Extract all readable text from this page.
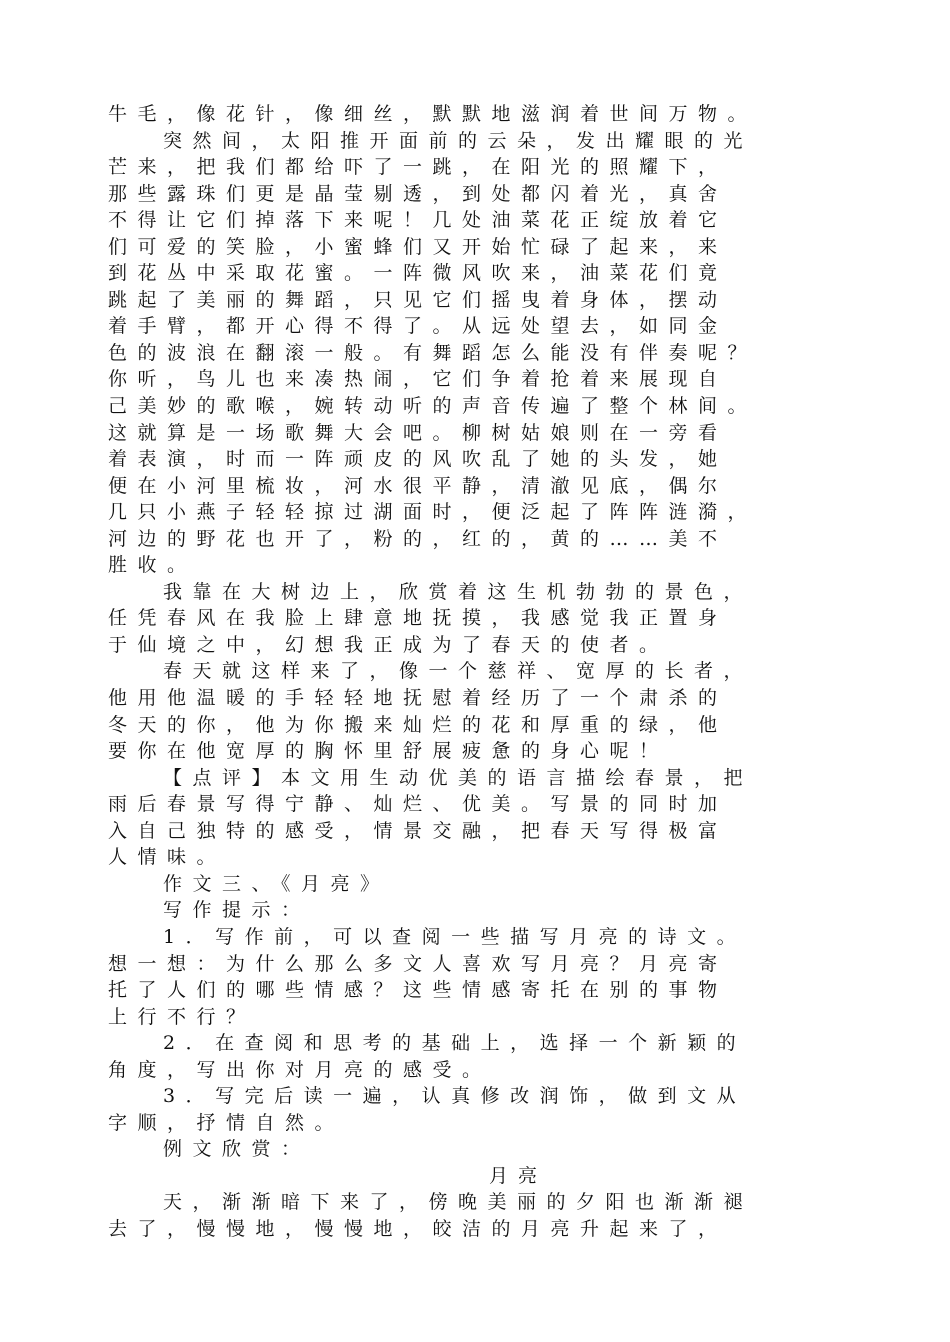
牛毛，像花针，像细丝，默默地滋润着世间万物。
突然间，太阳推开面前的云朵，发出耀眼的光
芒来，把我们都给吓了一跳，在阳光的照耀下，
那些露珠们更是晶莹剔透，到处都闪着光，真舍
不得让它们掉落下来呢！几处油菜花正绽放着它
们可爱的笑脸，小蜜蜂们又开始忙碌了起来，来
到花丛中采取花蜜。一阵微风吹来，油菜花们竟
跳起了美丽的舞蹈，只见它们摇曳着身体，摆动
着手臂，都开心得不得了。从远处望去，如同金
色的波浪在翻滚一般。有舞蹈怎么能没有伴奏呢？
你听，鸟儿也来凑热闹，它们争着抢着来展现自
己美妙的歌喉，婉转动听的声音传遍了整个林间。
这就算是一场歌舞大会吧。柳树姑娘则在一旁看
着表演，时而一阵顽皮的风吹乱了她的头发，她
便在小河里梳妆，河水很平静，清澈见底，偶尔
几只小燕子轻轻掠过湖面时，便泛起了阵阵涟漪，
河边的野花也开了，粉的，红的，黄的……美不
胜收。
我靠在大树边上，欣赏着这生机勃勃的景色，
任凭春风在我脸上肆意地抚摸，我感觉我正置身
于仙境之中，幻想我正成为了春天的使者。
春天就这样来了，像一个慈祥、宽厚的长者，
他用他温暖的手轻轻地抚慰着经历了一个肃杀的
冬天的你，他为你搬来灿烂的花和厚重的绿，他
要你在他宽厚的胸怀里舒展疲惫的身心呢！
【点评】本文用生动优美的语言描绘春景，把
雨后春景写得宁静、灿烂、优美。写景的同时加
入自己独特的感受，情景交融，把春天写得极富
人情味。
作文三、《月亮》
写作提示：
1．写作前，可以查阅一些描写月亮的诗文。
想一想：为什么那么多文人喜欢写月亮？月亮寄
托了人们的哪些情感？这些情感寄托在别的事物
上行不行？
2．在查阅和思考的基础上，选择一个新颖的
角度，写出你对月亮的感受。
3．写完后读一遍，认真修改润饰，做到文从
字顺，抒情自然。
例文欣赏：
月亮
天，渐渐暗下来了，傍晚美丽的夕阳也渐渐褪
去了，慢慢地，慢慢地，皎洁的月亮升起来了，
